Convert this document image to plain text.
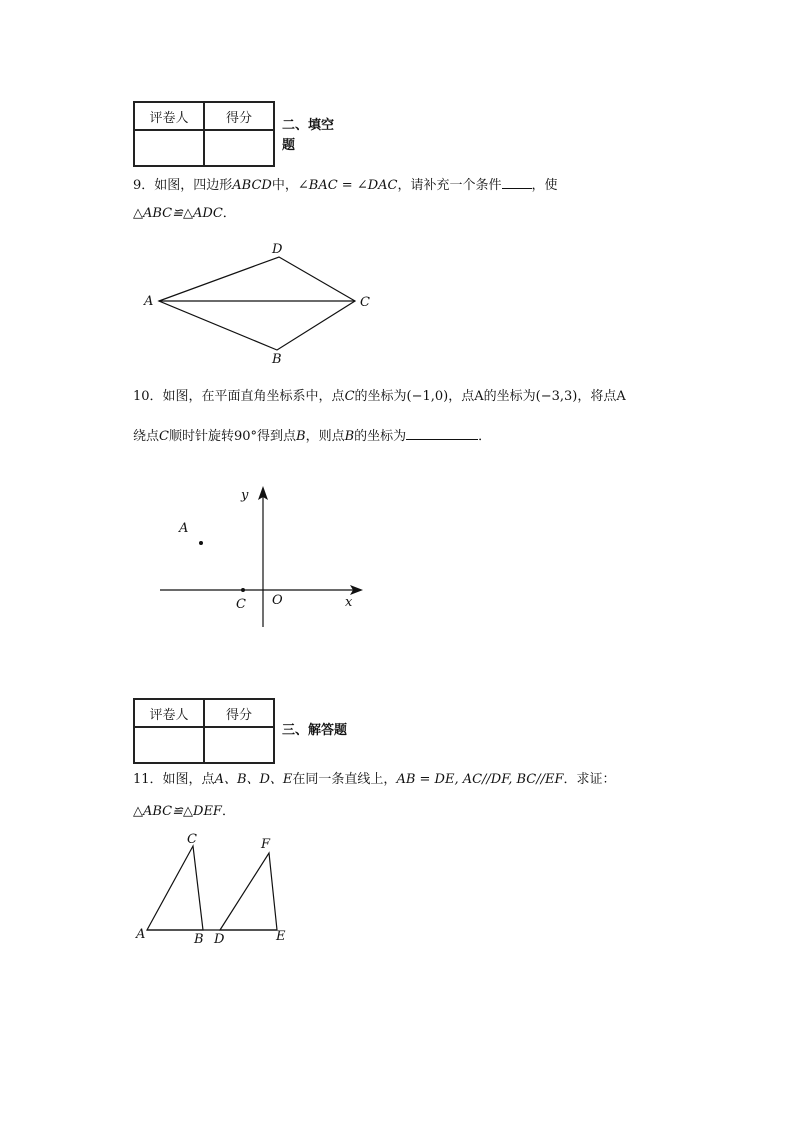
评卷人	得分
	二、填空
题
9．如图，四边形ABCD中，∠BAC = ∠DAC，请补充一个条件 ，使
△ABC≌△ADC．
D
A	C
B
10．如图，在平面直角坐标系中，点C的坐标为(−1,0)，点A的坐标为(−3,3)，将点A
绕点C顺时针旋转90°得到点B，则点B的坐标为	．
y
A
C O	x
评卷人	得分

三、解答题
11．如图，点A、B、D、E在同一条直线上，AB = DE, AC//DF, BC//EF．求证：
△ABC≌△DEF．
C	F
A	B D	E
